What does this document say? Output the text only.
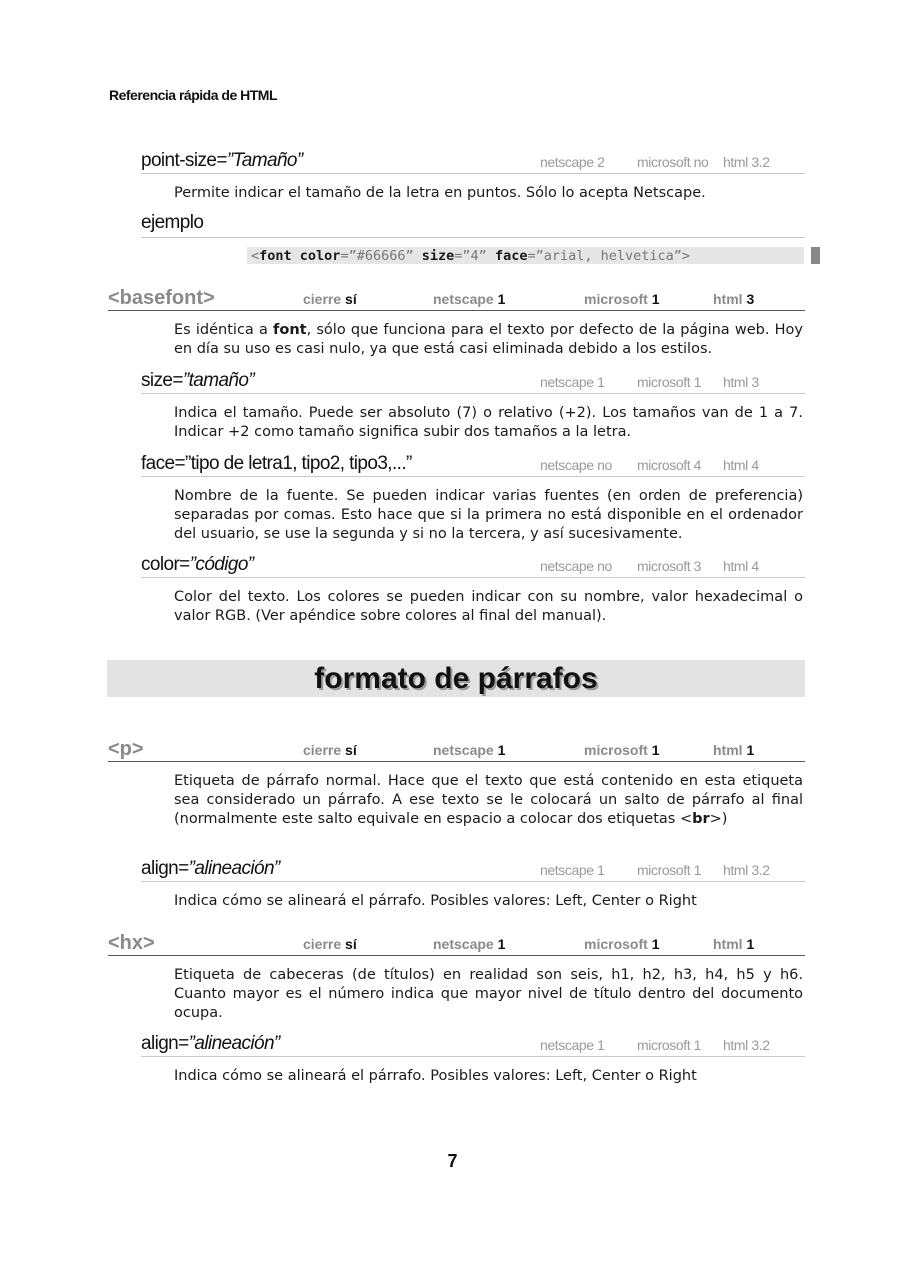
Referencia rápida de HTML
point-size=”Tamaño”	netscape 2 microsoft no html 3.2
Permite indicar el tamaño de la letra en puntos. Sólo lo acepta Netscape.
ejemplo
<font color=”#66666” size=”4” face=”arial, helvetica”>
<basefont>	cierre sí	netscape 1	microsoft 1	html 3
Es idéntica a font, sólo que funciona para el texto por defecto de la página web. Hoy en día su uso es casi nulo, ya que está casi eliminada debido a los estilos.
size=”tamaño”	netscape 1 microsoft 1 html 3
Indica el tamaño. Puede ser absoluto (7) o relativo (+2). Los tamaños van de 1 a 7. Indicar +2 como tamaño significa subir dos tamaños a la letra.
face=”tipo de letra1, tipo2, tipo3,...”	netscape no microsoft 4 html 4
Nombre de la fuente. Se pueden indicar varias fuentes (en orden de preferencia) separadas por comas. Esto hace que si la primera no está disponible en el ordenador del usuario, se use la segunda y si no la tercera, y así sucesivamente.
color=”código”	netscape no microsoft 3 html 4
Color del texto. Los colores se pueden indicar con su nombre, valor hexadecimal o valor RGB. (Ver apéndice sobre colores al final del manual).
formato de párrafos
<p>	cierre sí	netscape 1	microsoft 1	html 1
Etiqueta de párrafo normal. Hace que el texto que está contenido en esta etiqueta sea considerado un párrafo. A ese texto se le colocará un salto de párrafo al final (normalmente este salto equivale en espacio a colocar dos etiquetas <br>)
align=”alineación”	netscape 1 microsoft 1 html 3.2
Indica cómo se alineará el párrafo. Posibles valores: Left, Center o Right
<hx>	cierre sí	netscape 1	microsoft 1	html 1
Etiqueta de cabeceras (de títulos) en realidad son seis, h1, h2, h3, h4, h5 y h6. Cuanto mayor es el número indica que mayor nivel de título dentro del documento ocupa.
align=”alineación”	netscape 1 microsoft 1 html 3.2
Indica cómo se alineará el párrafo. Posibles valores: Left, Center o Right
7
